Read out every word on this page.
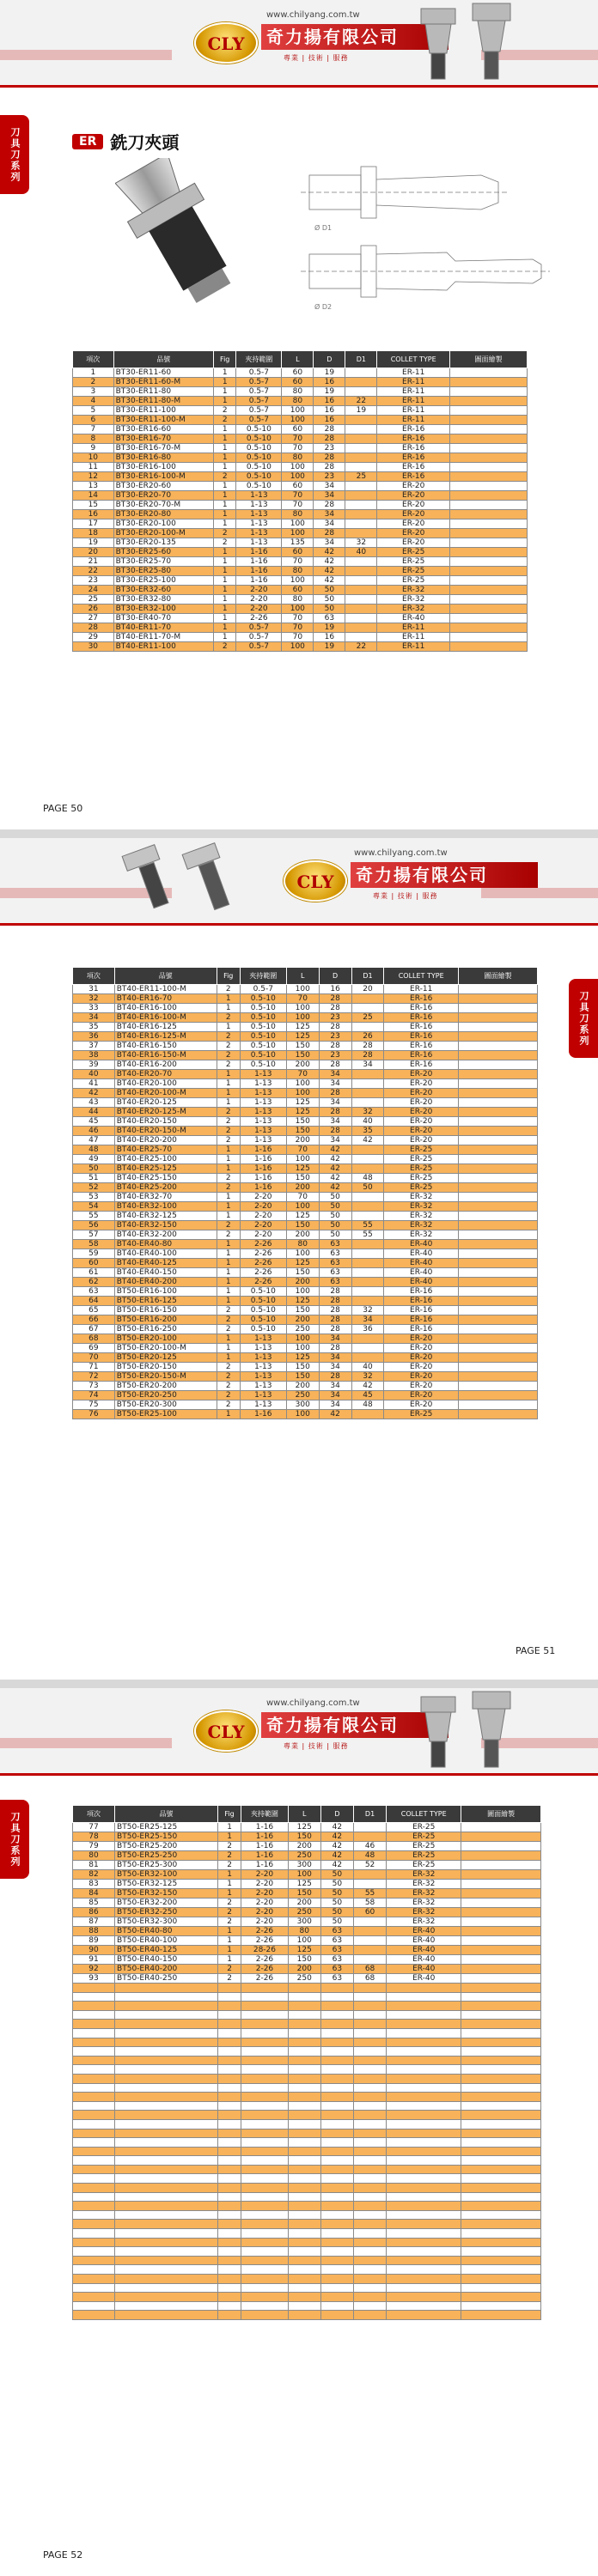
CLY
www.chilyang.com.tw
奇力揚有限公司
專業 | 技術 | 服務
刀具刀系列	ER 銑刀夾頭
Ø D1
Ø D2
項次	品號	Fig	夾持範圍	L	D	D1	COLLET TYPE	圖面繪製
1	BT30-ER11-60	1	0.5-7	60	19		ER-11	
2	BT30-ER11-60-M	1	0.5-7	60	16		ER-11	
3	BT30-ER11-80	1	0.5-7	80	19		ER-11	
4	BT30-ER11-80-M	1	0.5-7	80	16	22	ER-11	
5	BT30-ER11-100	2	0.5-7	100	16	19	ER-11	
6	BT30-ER11-100-M	2	0.5-7	100	16		ER-11	
7	BT30-ER16-60	1	0.5-10	60	28		ER-16	
8	BT30-ER16-70	1	0.5-10	70	28		ER-16	
9	BT30-ER16-70-M	1	0.5-10	70	23		ER-16	
10	BT30-ER16-80	1	0.5-10	80	28		ER-16	
11	BT30-ER16-100	1	0.5-10	100	28		ER-16	
12	BT30-ER16-100-M	2	0.5-10	100	23	25	ER-16	
13	BT30-ER20-60	1	0.5-10	60	34		ER-20	
14	BT30-ER20-70	1	1-13	70	34		ER-20	
15	BT30-ER20-70-M	1	1-13	70	28		ER-20	
16	BT30-ER20-80	1	1-13	80	34		ER-20	
17	BT30-ER20-100	1	1-13	100	34		ER-20	
18	BT30-ER20-100-M	2	1-13	100	28		ER-20	
19	BT30-ER20-135	2	1-13	135	34	32	ER-20	
20	BT30-ER25-60	1	1-16	60	42	40	ER-25	
21	BT30-ER25-70	1	1-16	70	42		ER-25	
22	BT30-ER25-80	1	1-16	80	42		ER-25	
23	BT30-ER25-100	1	1-16	100	42		ER-25	
24	BT30-ER32-60	1	2-20	60	50		ER-32	
25	BT30-ER32-80	1	2-20	80	50		ER-32	
26	BT30-ER32-100	1	2-20	100	50		ER-32	
27	BT30-ER40-70	1	2-26	70	63		ER-40	
28	BT40-ER11-70	1	0.5-7	70	19		ER-11	
29	BT40-ER11-70-M	1	0.5-7	70	16		ER-11	
30	BT40-ER11-100	2	0.5-7	100	19	22	ER-11	
PAGE 50
CLY
www.chilyang.com.tw
奇力揚有限公司
專業 | 技術 | 服務
刀具刀系列
項次	品號	Fig	夾持範圍	L	D	D1	COLLET TYPE	圖面繪製
31	BT40-ER11-100-M	2	0.5-7	100	16	20	ER-11	
32	BT40-ER16-70	1	0.5-10	70	28		ER-16	
33	BT40-ER16-100	1	0.5-10	100	28		ER-16	
34	BT40-ER16-100-M	2	0.5-10	100	23	25	ER-16	
35	BT40-ER16-125	1	0.5-10	125	28		ER-16	
36	BT40-ER16-125-M	2	0.5-10	125	23	26	ER-16	
37	BT40-ER16-150	2	0.5-10	150	28	28	ER-16	
38	BT40-ER16-150-M	2	0.5-10	150	23	28	ER-16	
39	BT40-ER16-200	2	0.5-10	200	28	34	ER-16	
40	BT40-ER20-70	1	1-13	70	34		ER-20	
41	BT40-ER20-100	1	1-13	100	34		ER-20	
42	BT40-ER20-100-M	1	1-13	100	28		ER-20	
43	BT40-ER20-125	1	1-13	125	34		ER-20	
44	BT40-ER20-125-M	2	1-13	125	28	32	ER-20	
45	BT40-ER20-150	2	1-13	150	34	40	ER-20	
46	BT40-ER20-150-M	2	1-13	150	28	35	ER-20	
47	BT40-ER20-200	2	1-13	200	34	42	ER-20	
48	BT40-ER25-70	1	1-16	70	42		ER-25	
49	BT40-ER25-100	1	1-16	100	42		ER-25	
50	BT40-ER25-125	1	1-16	125	42		ER-25	
51	BT40-ER25-150	2	1-16	150	42	48	ER-25	
52	BT40-ER25-200	2	1-16	200	42	50	ER-25	
53	BT40-ER32-70	1	2-20	70	50		ER-32	
54	BT40-ER32-100	1	2-20	100	50		ER-32	
55	BT40-ER32-125	1	2-20	125	50		ER-32	
56	BT40-ER32-150	2	2-20	150	50	55	ER-32	
57	BT40-ER32-200	2	2-20	200	50	55	ER-32	
58	BT40-ER40-80	1	2-26	80	63		ER-40	
59	BT40-ER40-100	1	2-26	100	63		ER-40	
60	BT40-ER40-125	1	2-26	125	63		ER-40	
61	BT40-ER40-150	1	2-26	150	63		ER-40	
62	BT40-ER40-200	1	2-26	200	63		ER-40	
63	BT50-ER16-100	1	0.5-10	100	28		ER-16	
64	BT50-ER16-125	1	0.5-10	125	28		ER-16	
65	BT50-ER16-150	2	0.5-10	150	28	32	ER-16	
66	BT50-ER16-200	2	0.5-10	200	28	34	ER-16	
67	BT50-ER16-250	2	0.5-10	250	28	36	ER-16	
68	BT50-ER20-100	1	1-13	100	34		ER-20	
69	BT50-ER20-100-M	1	1-13	100	28		ER-20	
70	BT50-ER20-125	1	1-13	125	34		ER-20	
71	BT50-ER20-150	2	1-13	150	34	40	ER-20	
72	BT50-ER20-150-M	2	1-13	150	28	32	ER-20	
73	BT50-ER20-200	2	1-13	200	34	42	ER-20	
74	BT50-ER20-250	2	1-13	250	34	45	ER-20	
75	BT50-ER20-300	2	1-13	300	34	48	ER-20	
76	BT50-ER25-100	1	1-16	100	42		ER-25	
PAGE 51
CLY
www.chilyang.com.tw
奇力揚有限公司
專業 | 技術 | 服務
刀具刀系列	項次	品號	Fig	夾持範圍	L	D	D1	COLLET TYPE	圖面繪製
77	BT50-ER25-125	1	1-16	125	42		ER-25	
78	BT50-ER25-150	1	1-16	150	42		ER-25	
79	BT50-ER25-200	2	1-16	200	42	46	ER-25	
80	BT50-ER25-250	2	1-16	250	42	48	ER-25	
81	BT50-ER25-300	2	1-16	300	42	52	ER-25	
82	BT50-ER32-100	1	2-20	100	50		ER-32	
83	BT50-ER32-125	1	2-20	125	50		ER-32	
84	BT50-ER32-150	1	2-20	150	50	55	ER-32	
85	BT50-ER32-200	2	2-20	200	50	58	ER-32	
86	BT50-ER32-250	2	2-20	250	50	60	ER-32	
87	BT50-ER32-300	2	2-20	300	50		ER-32	
88	BT50-ER40-80	1	2-26	80	63		ER-40	
89	BT50-ER40-100	1	2-26	100	63		ER-40	
90	BT50-ER40-125	1	28-26	125	63		ER-40	
91	BT50-ER40-150	1	2-26	150	63		ER-40	
92	BT50-ER40-200	2	2-26	200	63	68	ER-40	
93	BT50-ER40-250	2	2-26	250	63	68	ER-40	

PAGE 52
